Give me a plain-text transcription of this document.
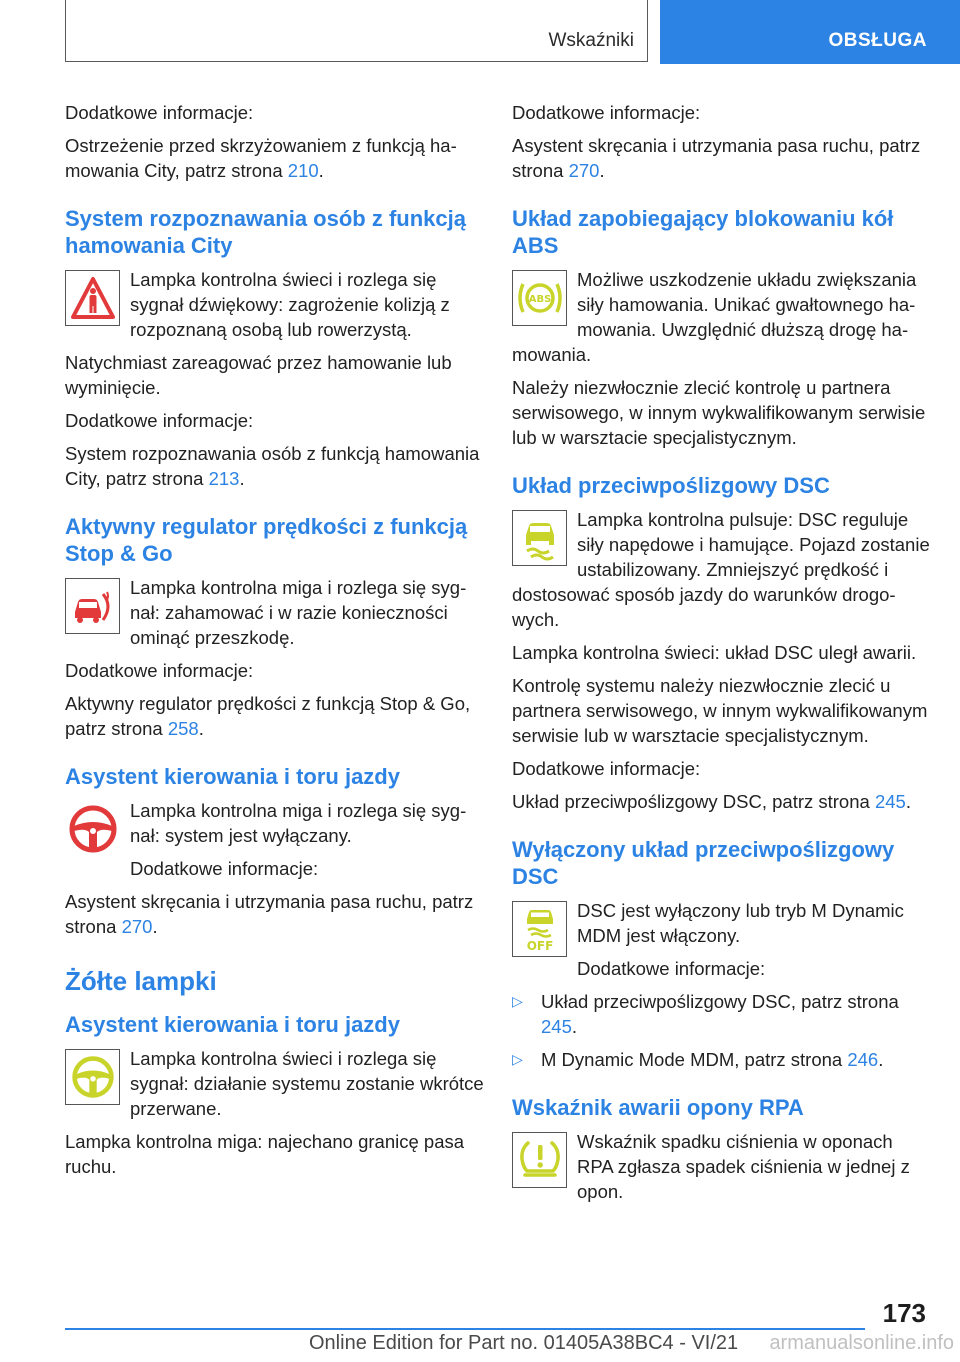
Wskaźniki	OBSŁUGA

Dodatkowe informacje:

Ostrzeżenie przed skrzyżowaniem z funkcją hamowania City, patrz strona 210.

System rozpoznawania osób z funkcją hamowania City

Lampka kontrolna świeci i rozlega się sygnał dźwiękowy: zagrożenie kolizją z rozpoznaną osobą lub rowerzystą.

Natychmiast zareagować przez hamowanie lub wyminięcie.

Dodatkowe informacje:

System rozpoznawania osób z funkcją hamowania City, patrz strona 213.

Aktywny regulator prędkości z funkcją Stop & Go

Lampka kontrolna miga i rozlega się sygnał: zahamować i w razie konieczności ominąć przeszkodę.

Dodatkowe informacje:

Aktywny regulator prędkości z funkcją Stop & Go, patrz strona 258.

Asystent kierowania i toru jazdy

Lampka kontrolna miga i rozlega się sygnał: system jest wyłączany.

Dodatkowe informacje:

Asystent skręcania i utrzymania pasa ruchu, patrz strona 270.

Żółte lampki
Asystent kierowania i toru jazdy

Lampka kontrolna świeci i rozlega się sygnał: działanie systemu zostanie wkrótce przerwane.

Lampka kontrolna miga: najechano granicę pasa ruchu.

Dodatkowe informacje:

Asystent skręcania i utrzymania pasa ruchu, patrz strona 270.

Układ zapobiegający blokowaniu kół ABS
ABS

Możliwe uszkodzenie układu zwiększania siły hamowania. Unikać gwałtownego hamowania. Uwzględnić dłuższą drogę hamowania.

Należy niezwłocznie zlecić kontrolę u partnera serwisowego, w innym wykwalifikowanym serwisie lub w warsztacie specjalistycznym.

Układ przeciwpoślizgowy DSC

Lampka kontrolna pulsuje: DSC reguluje siły napędowe i hamujące. Pojazd zostanie ustabilizowany. Zmniejszyć prędkość i dostosować sposób jazdy do warunków drogowych.

Lampka kontrolna świeci: układ DSC uległ awarii.

Kontrolę systemu należy niezwłocznie zlecić u partnera serwisowego, w innym wykwalifikowanym serwisie lub w warsztacie specjalistycznym.

Dodatkowe informacje:

Układ przeciwpoślizgowy DSC, patrz strona 245.

Wyłączony układ przeciwpoślizgowy DSC
OFF

DSC jest wyłączony lub tryb M Dynamic MDM jest włączony.

Dodatkowe informacje:

▷ Układ przeciwpoślizgowy DSC, patrz strona 245.
▷ M Dynamic Mode MDM, patrz strona 246.
Wskaźnik awarii opony RPA

Wskaźnik spadku ciśnienia w oponach RPA zgłasza spadek ciśnienia w jednej z opon.

173
Online Edition for Part no. 01405A38BC4 - VI/21 armanualsonline.info
